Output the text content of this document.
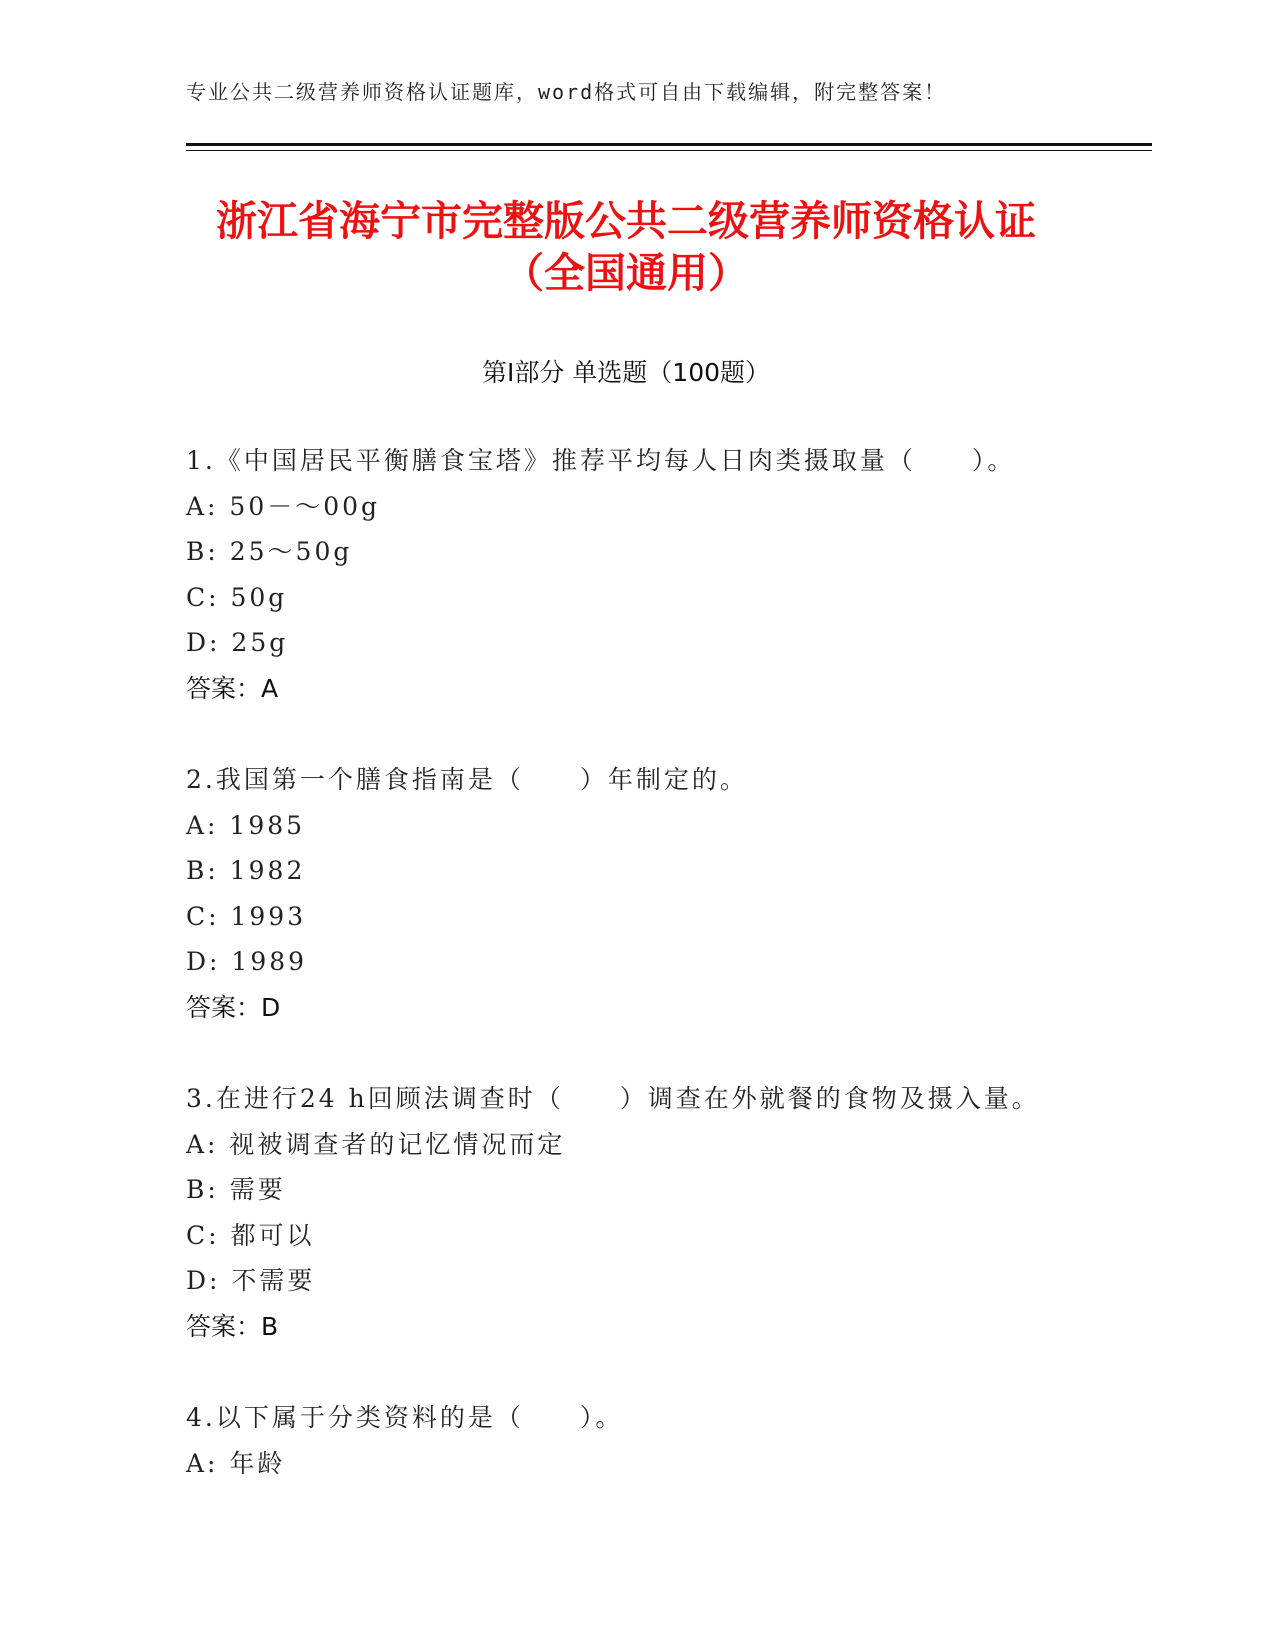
专业公共二级营养师资格认证题库，word格式可自由下载编辑，附完整答案！
浙江省海宁市完整版公共二级营养师资格认证（全国通用）
第Ⅰ部分 单选题（100题）
1.《中国居民平衡膳食宝塔》推荐平均每人日肉类摄取量（　　）。
A: 50－～00g
B: 25～50g
C: 50g
D: 25g
答案：A
2.我国第一个膳食指南是（　　）年制定的。
A: 1985
B: 1982
C: 1993
D: 1989
答案：D
3.在进行24 h回顾法调查时（　　）调查在外就餐的食物及摄入量。
A: 视被调查者的记忆情况而定
B: 需要
C: 都可以
D: 不需要
答案：B
4.以下属于分类资料的是（　　）。
A: 年龄
